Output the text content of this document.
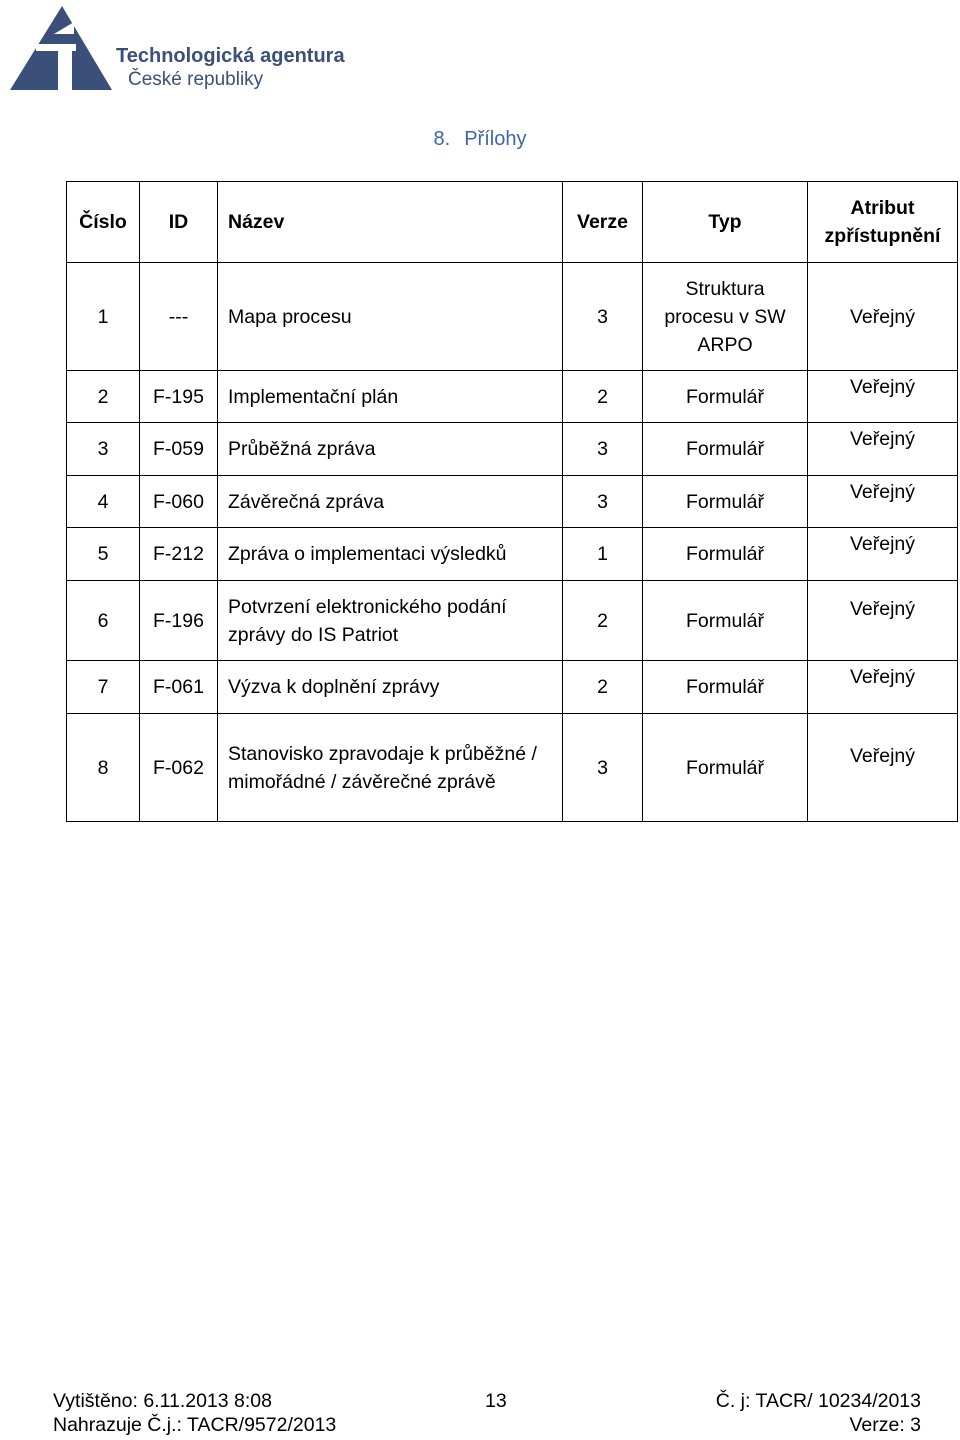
Technologická agentura
České republiky
8. Přílohy
Číslo	ID	Název	Verze	Typ	Atribut zpřístupnění
1	---	Mapa procesu	3	Struktura procesu v SW ARPO	Veřejný
2	F-195	Implementační plán	2	Formulář	Veřejný
3	F-059	Průběžná zpráva	3	Formulář	Veřejný
4	F-060	Závěrečná zpráva	3	Formulář	Veřejný
5	F-212	Zpráva o implementaci výsledků	1	Formulář	Veřejný
6	F-196	Potvrzení elektronického podání zprávy do IS Patriot	2	Formulář	Veřejný
7	F-061	Výzva k doplnění zprávy	2	Formulář	Veřejný
8	F-062	Stanovisko zpravodaje k průběžné / mimořádné / závěrečné zprávě	3	Formulář	Veřejný
Vytištěno: 6.11.2013 8:08	13	Č. j: TACR/ 10234/2013
Nahrazuje Č.j.: TACR/9572/2013	Verze: 3
